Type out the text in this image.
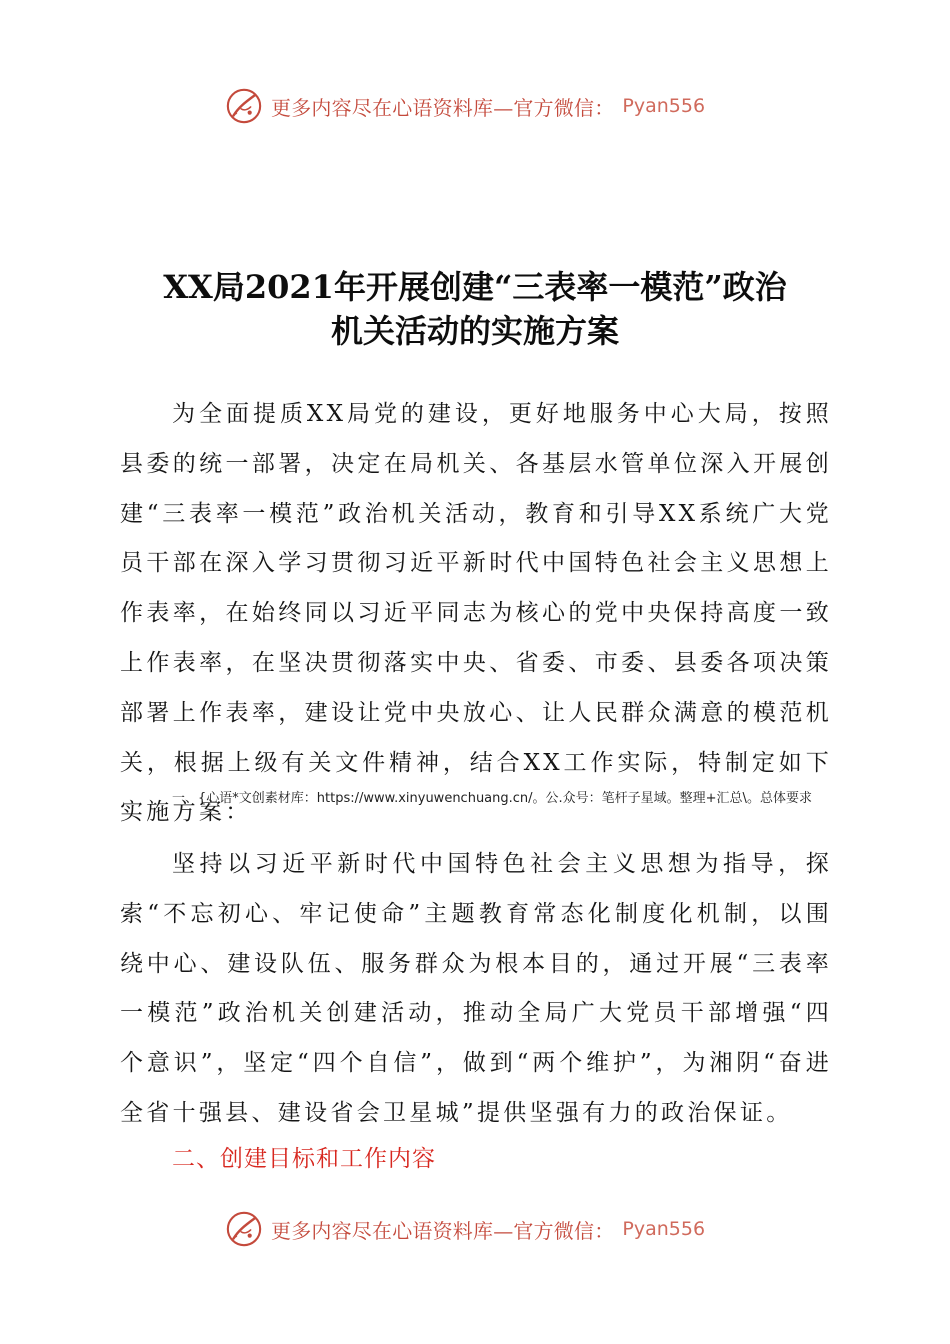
更多内容尽在心语资料库—官方微信： Pyan556
XX局2021年开展创建“三表率一模范”政治
机关活动的实施方案

为全面提质XX局党的建设，更好地服务中心大局，按照县委的统一部署，决定在局机关、各基层水管单位深入开展创建“三表率一模范”政治机关活动，教育和引导XX系统广大党员干部在深入学习贯彻习近平新时代中国特色社会主义思想上作表率，在始终同以习近平同志为核心的党中央保持高度一致上作表率，在坚决贯彻落实中央、省委、市委、县委各项决策部署上作表率，建设让党中央放心、让人民群众满意的模范机关，根据上级有关文件精神，结合XX工作实际，特制定如下实施方案：

一、{心语*文创素材库：https://www.xinyuwenchuang.cn/。公.众号：笔杆子星域。整理+汇总\。总体要求

坚持以习近平新时代中国特色社会主义思想为指导，探索“不忘初心、牢记使命”主题教育常态化制度化机制，以围绕中心、建设队伍、服务群众为根本目的，通过开展“三表率一模范”政治机关创建活动，推动全局广大党员干部增强“四个意识”，坚定“四个自信”，做到“两个维护”，为湘阴“奋进全省十强县、建设省会卫星城”提供坚强有力的政治保证。

二、创建目标和工作内容
更多内容尽在心语资料库—官方微信： Pyan556
